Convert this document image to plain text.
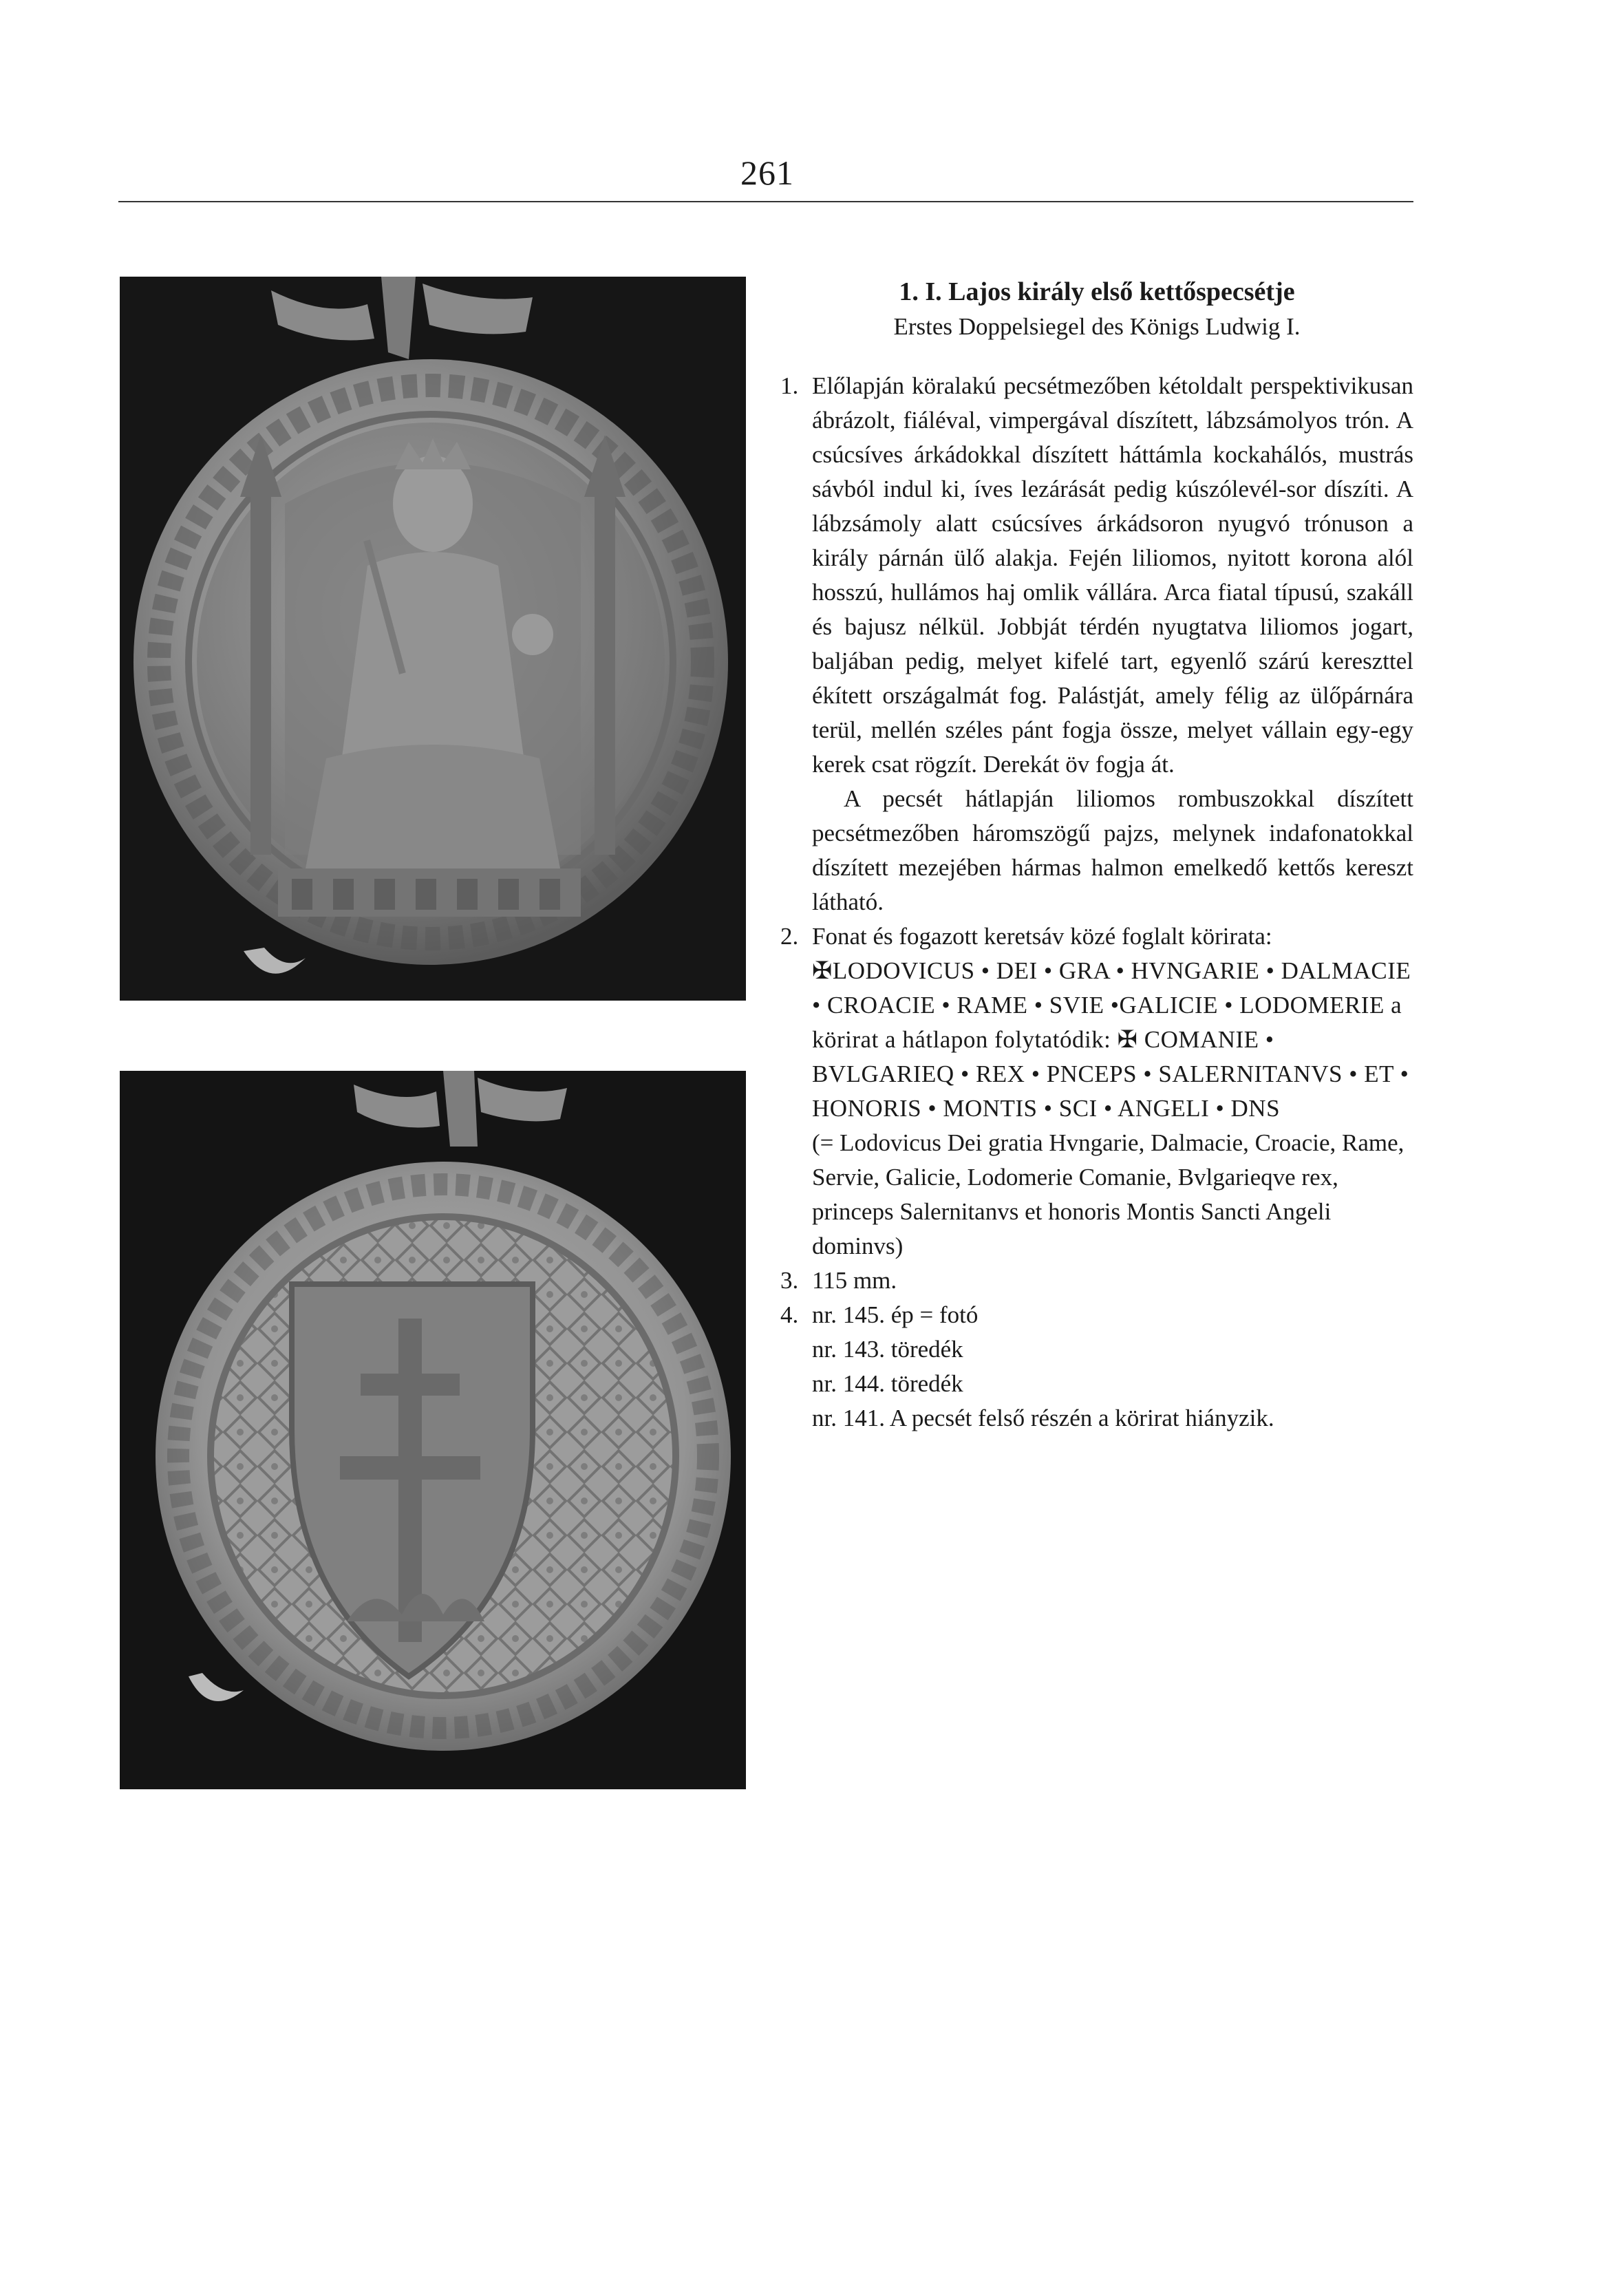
261
1. I. Lajos király első kettőspecsétje
Erstes Doppelsiegel des Königs Ludwig I.
1. Előlapján köralakú pecsétmezőben kétoldalt perspektivikusan ábrázolt, fiáléval, vimpergával díszített, lábzsámolyos trón. A csúcsíves árkádokkal díszített háttámla kockahálós, mustrás sávból indul ki, íves lezárását pedig kúszólevél-sor díszíti. A lábzsámoly alatt csúcsíves árkádsoron nyugvó trónuson a király párnán ülő alakja. Fején liliomos, nyitott korona alól hosszú, hullámos haj omlik vállára. Arca fiatal típusú, szakáll és bajusz nélkül. Jobbját térdén nyugtatva liliomos jogart, baljában pedig, melyet kifelé tart, egyenlő szárú kereszttel ékített országalmát fog. Palástját, amely félig az ülőpárnára terül, mellén széles pánt fogja össze, melyet vállain egy-egy kerek csat rögzít. Derekát öv fogja át.

A pecsét hátlapján liliomos rombuszokkal díszített pecsétmezőben háromszögű pajzs, melynek indafonatokkal díszített mezejében hármas halmon emelkedő kettős kereszt látható.

2. Fonat és fogazott keretsáv közé foglalt körirata:

✠LODOVICUS • DEI • GRA • HVNGARIE • DALMACIE • CROACIE • RAME • SVIE •GALICIE • LODOMERIE a körirat a hátlapon folytatódik: ✠ COMANIE • BVLGARIEQ • REX • PNCEPS • SALERNITANVS • ET • HONORIS • MONTIS • SCI • ANGELI • DNS

(= Lodovicus Dei gratia Hvngarie, Dalmacie, Croacie, Rame, Servie, Galicie, Lodomerie Comanie, Bvlgarieqve rex, princeps Salernitanvs et honoris Montis Sancti Angeli dominvs)

3. 115 mm.

4. nr. 145. ép = fotó
nr. 143. töredék
nr. 144. töredék
nr. 141. A pecsét felső részén a körirat hiányzik.
